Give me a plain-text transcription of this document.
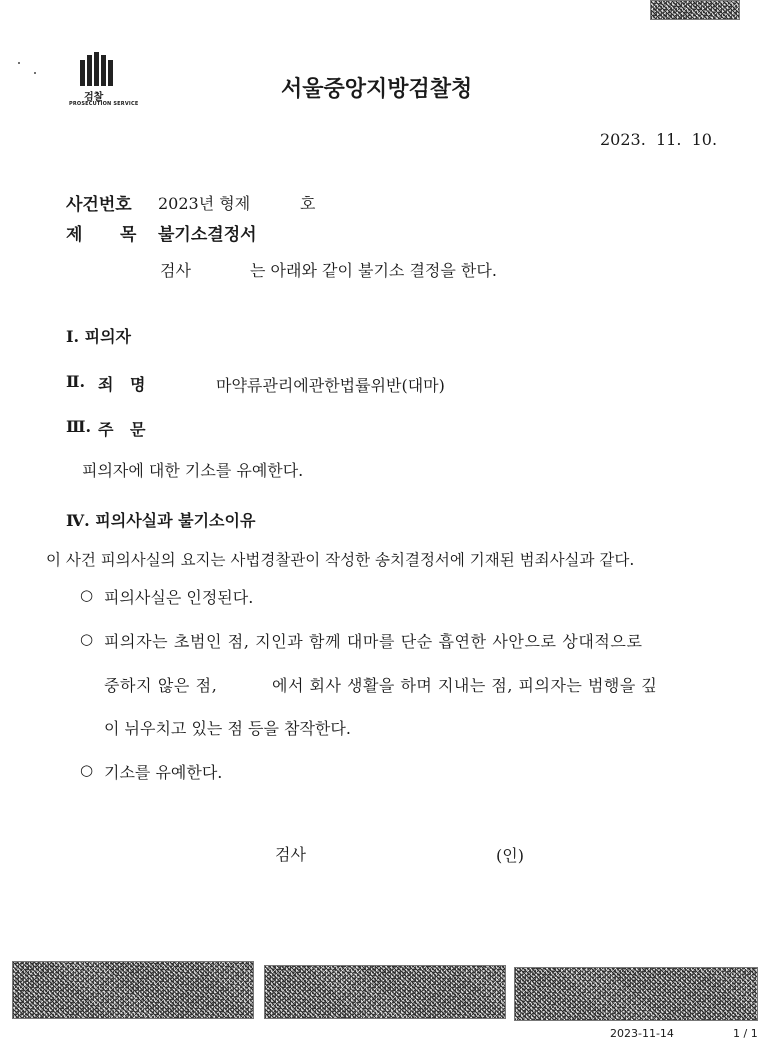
검찰
PROSECUTION SERVICE
서울중앙지방검찰청
2023.  11.  10.
사건번호 2023년 형제	호
제 목 불기소결정서
검사	는 아래와 같이 불기소 결정을 한다.
Ⅰ. 피의자
Ⅱ. 죄 명	마약류관리에관한법률위반(대마)
Ⅲ. 주 문
피의자에 대한 기소를 유예한다.
Ⅳ. 피의사실과 불기소이유
이 사건 피의사실의 요지는 사법경찰관이 작성한 송치결정서에 기재된 범죄사실과 같다.
○ 피의사실은 인정된다.
○ 피의자는 초범인 점, 지인과 함께 대마를 단순 흡연한 사안으로 상대적으로
중하지 않은 점,	에서 회사 생활을 하며 지내는 점, 피의자는 범행을 깊
이 뉘우치고 있는 점 등을 참작한다.
○ 기소를 유예한다.
검사	(인)
2023-11-14	1 / 1
